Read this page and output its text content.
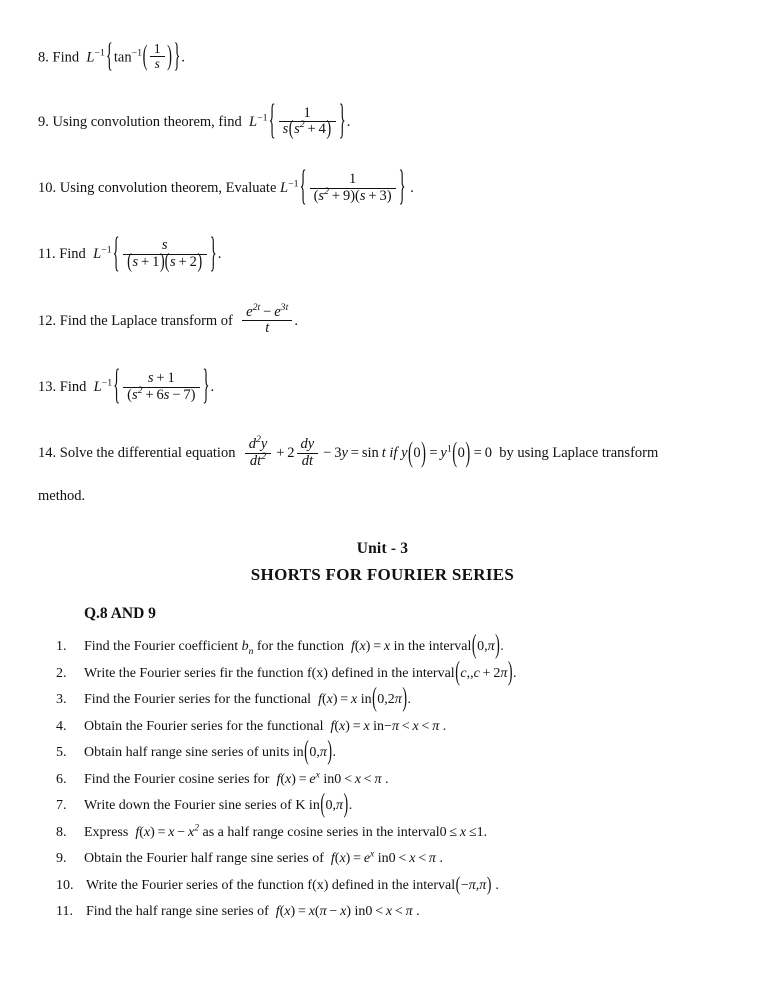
8. Find $L^{-1}\{\tan^{-1}( \frac{1}{s}$ ) }.
9. Using convolution theorem, find $L^{-1}\{ \frac{1}{s(s^2 + 4)}$ }.
10. Using convolution theorem, Evaluate $L^{-1}\{ \frac{1}{(s^2 + 9)(s + 3)}$ } .
11. Find $L^{-1}\{ \frac{s}{(s + 1)(s + 2)}$ }.
12. Find the Laplace transform of $\frac{e^{2t} - e^{3t}}{t}$ .
13. Find $L^{-1}\{ \frac{s + 1}{(s^2 + 6s - 7)}$ }.
14. Solve the differential equation $\frac{d^2y}{dt^2} + 2 \frac{dy}{dt} - 3y = \sin t$ if $y(0) = y^1(0) = 0$ by using Laplace transform
method.
Unit - 3
SHORTS FOR FOURIER SERIES
Q.8 AND 9
1.	Find the Fourier coefficient $b_n$ for the function f(x) = x in the interval(0,π).
2.	Write the Fourier series fir the function f(x) defined in the interval(c,,c + 2π).
3.	Find the Fourier series for the functional f(x) = x in(0,2π).
4.	Obtain the Fourier series for the functional f(x) = x in−π < x < π .
5.	Obtain half range sine series of units in(0,π).
6.	Find the Fourier cosine series for $f(x) = e^x$ in0 < x < π .
7.	Write down the Fourier sine series of K in(0,π).
8.	Express $f(x) = x - x^2$ as a half range cosine series in the interval0 ≤ x ≤1.
9.	Obtain the Fourier half range sine series of $f(x) = e^x$ in0 < x < π .
10. Write the Fourier series of the function f(x) defined in the interval(−π,π) .
11. Find the half range sine series of f(x) = x(π − x) in0 < x < π .
